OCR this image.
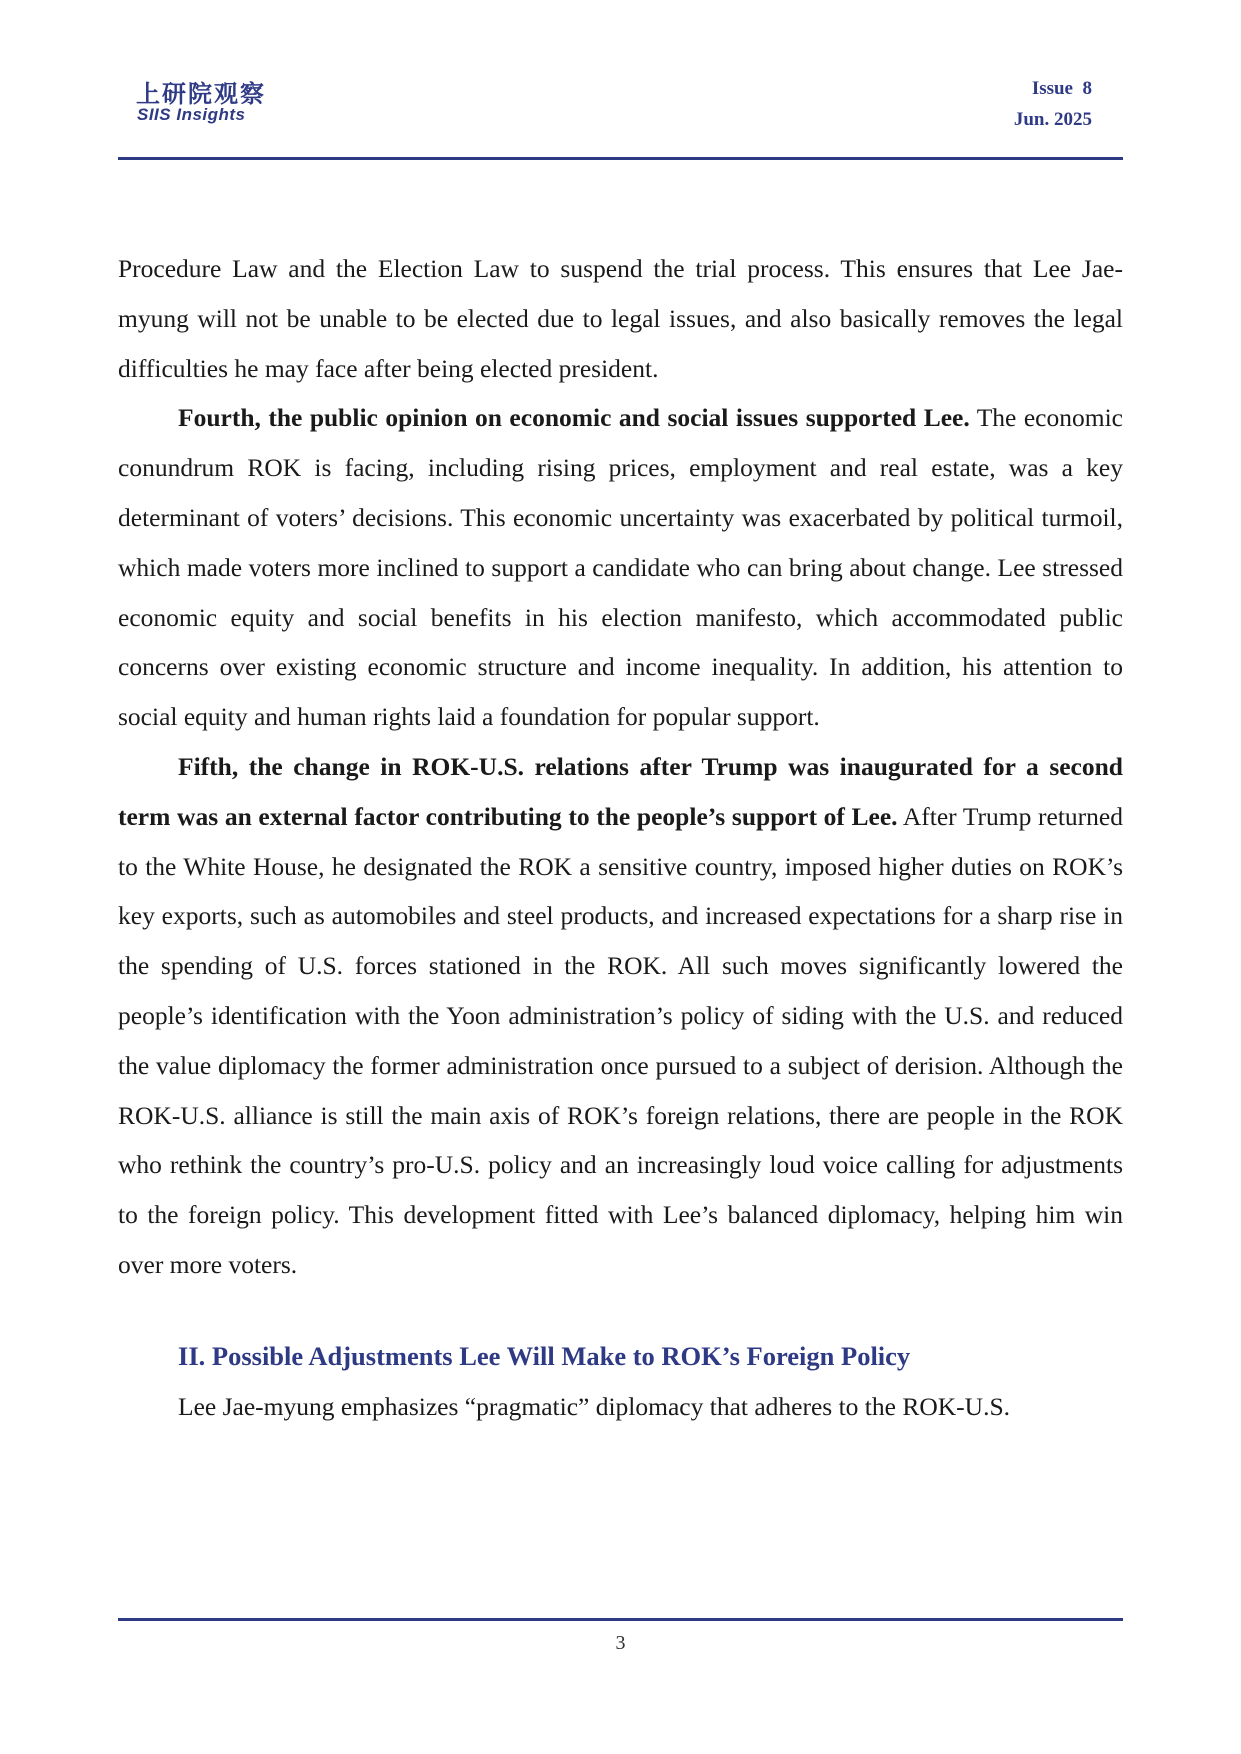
上研院观察
SIIS Insights
Issue  8
Jun. 2025

Procedure Law and the Election Law to suspend the trial process. This ensures that Lee Jae-myung will not be unable to be elected due to legal issues, and also basically removes the legal difficulties he may face after being elected president.

Fourth, the public opinion on economic and social issues supported Lee. The economic conundrum ROK is facing, including rising prices, employment and real estate, was a key determinant of voters’ decisions. This economic uncertainty was exacerbated by political turmoil, which made voters more inclined to support a candidate who can bring about change. Lee stressed economic equity and social benefits in his election manifesto, which accommodated public concerns over existing economic structure and income inequality. In addition, his attention to social equity and human rights laid a foundation for popular support.

Fifth, the change in ROK-U.S. relations after Trump was inaugurated for a second term was an external factor contributing to the people’s support of Lee. After Trump returned to the White House, he designated the ROK a sensitive country, imposed higher duties on ROK’s key exports, such as automobiles and steel products, and increased expectations for a sharp rise in the spending of U.S. forces stationed in the ROK. All such moves significantly lowered the people’s identification with the Yoon administration’s policy of siding with the U.S. and reduced the value diplomacy the former administration once pursued to a subject of derision. Although the ROK-U.S. alliance is still the main axis of ROK’s foreign relations, there are people in the ROK who rethink the country’s pro-U.S. policy and an increasingly loud voice calling for adjustments to the foreign policy. This development fitted with Lee’s balanced diplomacy, helping him win over more voters.

II. Possible Adjustments Lee Will Make to ROK’s Foreign Policy

Lee Jae-myung emphasizes “pragmatic” diplomacy that adheres to the ROK-U.S.

3
